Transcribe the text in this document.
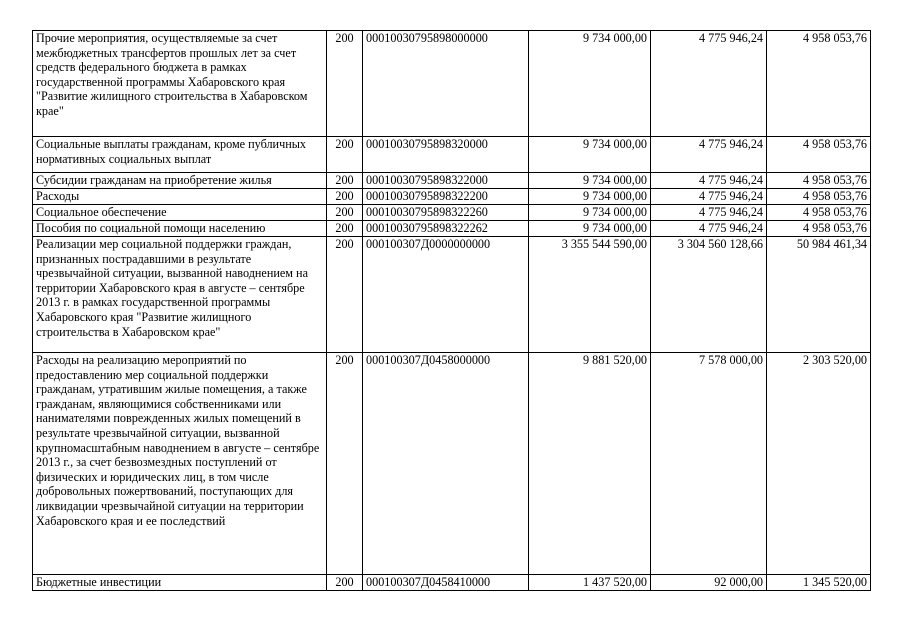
Прочие мероприятия, осуществляемые за счет межбюджетных трансфертов прошлых лет за счет средств федерального бюджета в рамках государственной программы Хабаровского края "Развитие жилищного строительства в Хабаровском крае"	200	00010030795898000000	9 734 000,00	4 775 946,24	4 958 053,76
Социальные выплаты гражданам, кроме публичных нормативных социальных выплат	200	00010030795898320000	9 734 000,00	4 775 946,24	4 958 053,76
Субсидии гражданам на приобретение жилья	200	00010030795898322000	9 734 000,00	4 775 946,24	4 958 053,76
Расходы	200	00010030795898322200	9 734 000,00	4 775 946,24	4 958 053,76
Социальное обеспечение	200	00010030795898322260	9 734 000,00	4 775 946,24	4 958 053,76
Пособия по социальной помощи населению	200	00010030795898322262	9 734 000,00	4 775 946,24	4 958 053,76
Реализации мер социальной поддержки граждан, признанных пострадавшими в результате чрезвычайной ситуации, вызванной наводнением на территории Хабаровского края в августе – сентябре 2013 г. в рамках государственной программы Хабаровского края "Развитие жилищного строительства в Хабаровском крае"	200	000100307Д0000000000	3 355 544 590,00	3 304 560 128,66	50 984 461,34
Расходы на реализацию мероприятий по предоставлению мер социальной поддержки гражданам, утратившим жилые помещения, а также гражданам, являющимися собственниками или нанимателями поврежденных жилых помещений в результате чрезвычайной ситуации, вызванной крупномасштабным наводнением в августе – сентябре 2013 г., за счет безвозмездных поступлений от физических и юридических лиц, в том числе добровольных пожертвований, поступающих для ликвидации чрезвычайной ситуации на территории Хабаровского края и ее последствий	200	000100307Д0458000000	9 881 520,00	7 578 000,00	2 303 520,00
Бюджетные инвестиции	200	000100307Д0458410000	1 437 520,00	92 000,00	1 345 520,00
